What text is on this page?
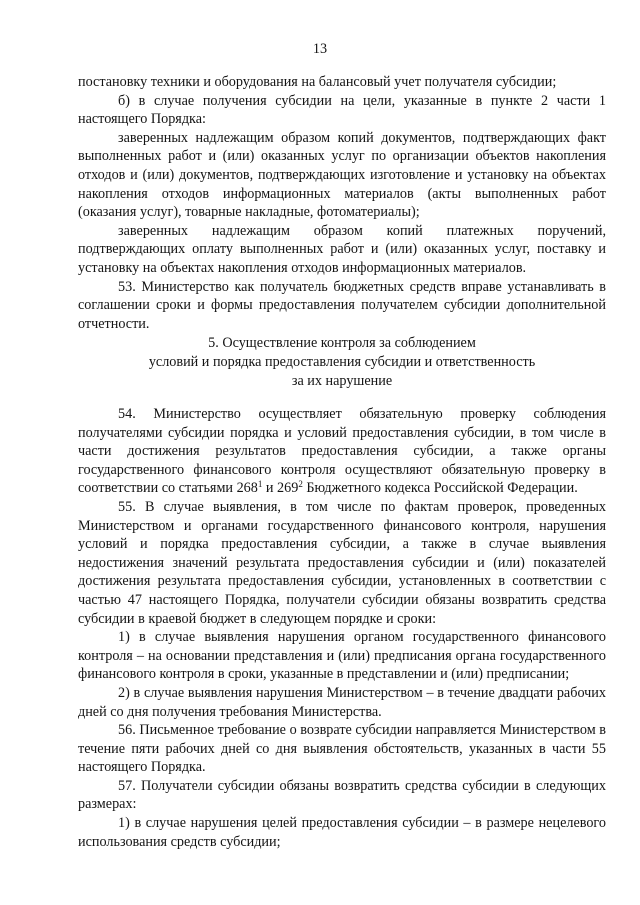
13

постановку техники и оборудования на балансовый учет получателя субсидии;

б) в случае получения субсидии на цели, указанные в пункте 2 части 1 настоящего Порядка:

заверенных надлежащим образом копий документов, подтверждающих факт выполненных работ и (или) оказанных услуг по организации объектов накопления отходов и (или) документов, подтверждающих изготовление и установку на объектах накопления отходов информационных материалов (акты выполненных работ (оказания услуг), товарные накладные, фотоматериалы);

заверенных надлежащим образом копий платежных поручений, подтверждающих оплату выполненных работ и (или) оказанных услуг, поставку и установку на объектах накопления отходов информационных материалов.

53. Министерство как получатель бюджетных средств вправе устанавливать в соглашении сроки и формы предоставления получателем субсидии дополнительной отчетности.

5. Осуществление контроля за соблюдением
условий и порядка предоставления субсидии и ответственность
за их нарушение

54. Министерство осуществляет обязательную проверку соблюдения получателями субсидии порядка и условий предоставления субсидии, в том числе в части достижения результатов предоставления субсидии, а также органы государственного финансового контроля осуществляют обязательную проверку в соответствии со статьями $268^1$ и $269^2$ Бюджетного кодекса Российской Федерации.

55. В случае выявления, в том числе по фактам проверок, проведенных Министерством и органами государственного финансового контроля, нарушения условий и порядка предоставления субсидии, а также в случае выявления недостижения значений результата предоставления субсидии и (или) показателей достижения результата предоставления субсидии, установленных в соответствии с частью 47 настоящего Порядка, получатели субсидии обязаны возвратить средства субсидии в краевой бюджет в следующем порядке и сроки:

1) в случае выявления нарушения органом государственного финансового контроля – на основании представления и (или) предписания органа государственного финансового контроля в сроки, указанные в представлении и (или) предписании;

2) в случае выявления нарушения Министерством – в течение двадцати рабочих дней со дня получения требования Министерства.

56. Письменное требование о возврате субсидии направляется Министерством в течение пяти рабочих дней со дня выявления обстоятельств, указанных в части 55 настоящего Порядка.

57. Получатели субсидии обязаны возвратить средства субсидии в следующих размерах:

1) в случае нарушения целей предоставления субсидии – в размере нецелевого использования средств субсидии;
